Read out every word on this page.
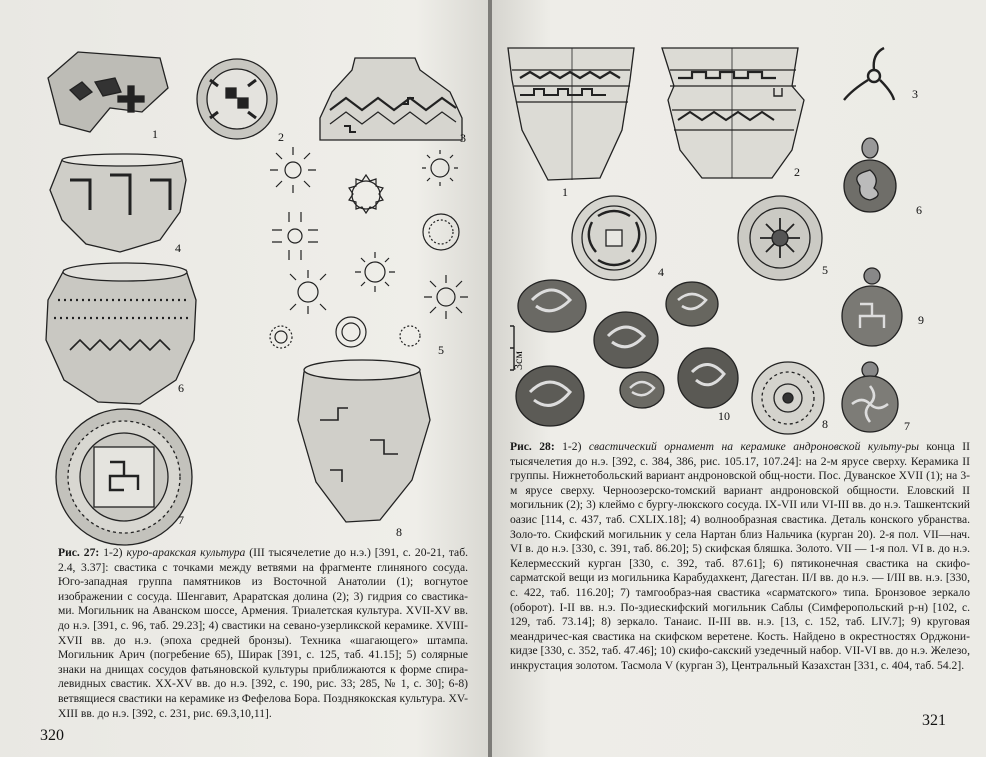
1	2	3
4
5
6
7
8
Рис. 27: 1-2) куро-аракская культура (III тысячелетие до н.э.) [391, с. 20-21, таб. 2.4, 3.37]: свастика с точками между ветвями на фрагменте глиняного сосуда. Юго-западная группа памятников из Восточной Анатолии (1); вогнутое изображении с сосуда. Шенгавит, Араратская долина (2); 3) гидрия со свастика-ми. Могильник на Аванском шоссе, Армения. Триалетская культура. XVII-XV вв. до н.э. [391, с. 96, таб. 29.23]; 4) свастики на севано-узерликской керамике. XVIII-XVII вв. до н.э. (эпоха средней бронзы). Техника «шагающего» штампа. Могильник Арич (погребение 65), Ширак [391, с. 125, таб. 41.15]; 5) солярные знаки на днищах сосудов фатьяновской культуры приближаются к форме спира-левидных свастик. XX-XV вв. до н.э. [392, с. 190, рис. 33; 285, № 1, с. 30]; 6-8) ветвящиеся свастики на керамике из Фефелова Бора. Позднякокская культура. XV-XIII вв. до н.э. [392, с. 231, рис. 69.3,10,11].
320
1
2
3
4	5
6
7
8
9
10
3см
Рис. 28: 1-2) свастический орнамент на керамике андроновской культу-ры конца II тысячелетия до н.э. [392, с. 384, 386, рис. 105.17, 107.24]: на 2-м ярусе сверху. Керамика II группы. Нижнетобольский вариант андроновской общ-ности. Пос. Дуванское XVII (1); на 3-м ярусе сверху. Черноозерско-томский вариант андроновской общности. Еловский II могильник (2); 3) клеймо с бургу-люкского сосуда. IX-VII или VI-III вв. до н.э. Ташкентский оазис [114, с. 437, таб. CXLIX.18]; 4) волнообразная свастика. Деталь конского убранства. Золо-то. Скифский могильник у села Нартан близ Нальчика (курган 20). 2-я пол. VII—нач. VI в. до н.э. [330, с. 391, таб. 86.20]; 5) скифская бляшка. Золото. VII — 1-я пол. VI в. до н.э. Келермесский курган [330, с. 392, таб. 87.61]; 6) пятиконечная свастика на скифо-сарматской вещи из могильника Карабудахкент, Дагестан. II/I вв. до н.э. — I/III вв. н.э. [330, с. 422, таб. 116.20]; 7) тамгообраз-ная свастика «сарматского» типа. Бронзовое зеркало (оборот). I-II вв. н.э. По-здиескифский могильник Саблы (Симферопольский р-н) [102, с. 129, таб. 73.14]; 8) зеркало. Танаис. II-III вв. н.э. [13, с. 152, таб. LIV.7]; 9) круговая меандричес-кая свастика на скифском веретене. Кость. Найдено в окрестностях Орджони-кидзе [330, с. 352, таб. 47.46]; 10) скифо-сакский узедечный набор. VII-VI вв. до н.э. Железо, инкрустация золотом. Тасмола V (курган 3), Центральный Казахстан [331, с. 404, таб. 54.2].
321
